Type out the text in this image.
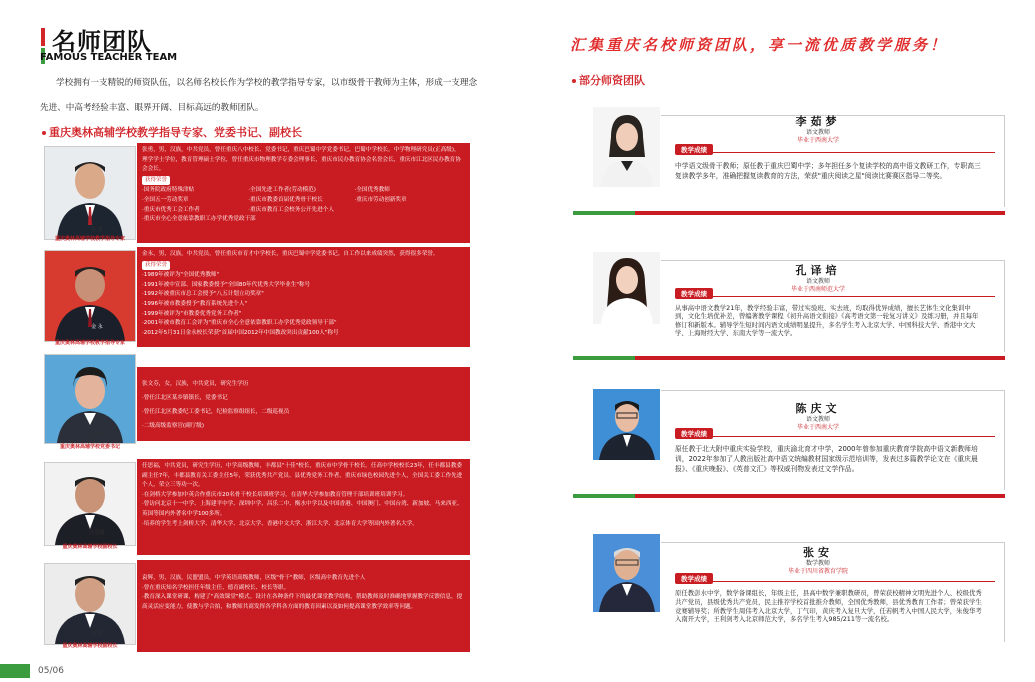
名师团队
FAMOUS TEACHER TEAM
学校拥有一支精锐的师资队伍，以名师名校长作为学校的教学指导专家，以市级骨干教师为主体，形成一支理念先进、中高考经验丰富、眼界开阔、目标高远的教师团队。
重庆奥林高辅学校教学指导专家、党委书记、副校长
张 勇
重庆奥林高辅学校教学指导专家
张勇，男，汉族，中共党员，曾任重庆八中校长、党委书记，重庆巴蜀中学党委书记，巴蜀中学校长。中学物理研究员(正高级)，理学学士学位，教育管理硕士学位，曾任重庆市物理教学专委会理事长，重庆市民办教育协会名誉会长，重庆市江北区民办教育协会会长。
获得荣誉
·国务院政府特殊津贴	·全国先进工作者(劳动模范)	·全国优秀教师
·全国五一劳动奖章	·重庆市教委首届优秀骨干校长	·重庆市劳动创新奖章
·重庆市优秀工会工作者	·重庆市教育工会校务公开先进个人
·重庆市全心全意依靠教职工办学优秀党政干部
金 永
重庆奥林高辅学校教学指导专家
金永，男，汉族，中共党员，曾任重庆市育才中学校长，重庆巴蜀中学党委书记。自工作以来成绩突然，获得很多荣誉。
获得荣誉
·1989年被评为"全国优秀教师"
·1991年被中宣部、国家教委授予"全国80年代优秀大学毕业生"称号
·1992年被重庆市总工会授予"八五计划立功奖章"
·1996年被市教委授予"教育系统先进个人"
·1999年被评为"市教委优秀党务工作者"
·2001年被市教育工会评为"重庆市全心全意依靠教职工办学优秀党政领导干部"
·2012年5月31日金永校长荣获"首届中国2012年中国教改突出贡献100人"称号
张文芬
重庆奥林高辅学校党委书记
张文芬，女，汉族，中共党员，研究生学历
·曾任江北区某乡镇镇长，党委书记
·曾任江北区教委纪工委书记，纪检监察组组长，二级巡视员
·二级高级监察官(副厅级)
任思福
重庆奥林高辅学校副校长
任思福，中共党员，研究生学历，中学高级教师，丰都县"十佳"校长，重庆市中学骨干校长。任高中学校校长23年，任丰都县教委副主任7年，丰都县教育关工委主任5年，荣获优秀共产党员、县优秀党务工作者，重庆市绿色校园先进个人，全国关工委工作先进个人，荣立三等功一次。
·在剑桥大学参加中英合作重庆市20名骨干校长培训班学习，在清华大学参加教育管理干部培训班培训学习。
·曾访问北京十一中学、上海建平中学、深圳中学、昌乐二中、衡水中学以及中国香港、中国澳门、中国台湾、新加坡、马来西亚、英国等国内外著名中学100多所。
·培养的学生考上剑桥大学、清华大学、北京大学、香港中文大学、浙江大学、北京体育大学等国内外著名大学。
袁 辉
重庆奥林高辅学校副校长
袁辉，男，汉族，民盟盟员，中学英语高级教师，区级"骨干"教师，区级高中教育先进个人
·曾在重庆知名学校担任年级主任、德育副校长、校长等职。
·教育深入课堂研课，构建了"高效课堂"模式。设计在各种条件下的最优课堂教学结构，帮助教师及时准确地掌握教学反馈信息，提高灵活应变能力，使教与学合拍，和教师共商发挥各学科各方面的教育因素以及如何提高课堂教学效率等问题。
05/06
汇集重庆名校师资团队，享一流优质教学服务！
部分师资团队
李茹梦
语文教师
毕业于西南大学
教学成绩
中学语文级骨干教师；原任教于重庆巴蜀中学；多年担任多个复读学校的高中语文教研工作，专职高三复读教学多年，准确把握复读教育的方法，荣获"重庆阅读之星"阅读比赛赛区指导二等奖。
孔译培
语文教师
毕业于西南师范大学
教学成绩
从事高中语文教学21年，教学经验丰富，带过实验班、实去班，均取得优异成绩，擅长艺体生文化集训中到，文化生培优补差，曾编著教学课程《初升高语文衔接》《高考语文第一轮复习讲义》及练习册，并且每年修订和新版本。辅导学生短时间内语文成绩明显提升，多名学生考入北京大学、中国科技大学、香港中文大学、上海财经大学、东南大学等一流大学。
陈庆文
语文教师
毕业于西南大学
教学成绩
原任教于北大附中重庆实验学校，重庆渝北育才中学，2000年曾参加重庆教育学院高中语文新教师培训，2022年参加了人教出版社高中语文统编教材国家级示范培训等，发表过多篇教学论文在《重庆晨报》、《重庆晚报》、《英普文汇》等权威刊物发表过文学作品。
张安
数学教师
毕业于四川省教育学院
教学成绩
原任教彭水中学，数学备课组长，年级主任，县高中数学兼职教研员，曾荣获校精神文明先进个人、校级优秀共产党员，县级优秀共产党员，民主推荐学校首批推介教师，全国优秀教师，县优秀教育工作者；曾荣获学生竞赛辅导奖；所教学生周伟考入北京大学，丁气印，黄庆考入复旦大学，任若帆考入中国人民大学，朱俊华考入南开大学，王利剑考入北京师范大学，多名学生考入985/211等一流名校。
